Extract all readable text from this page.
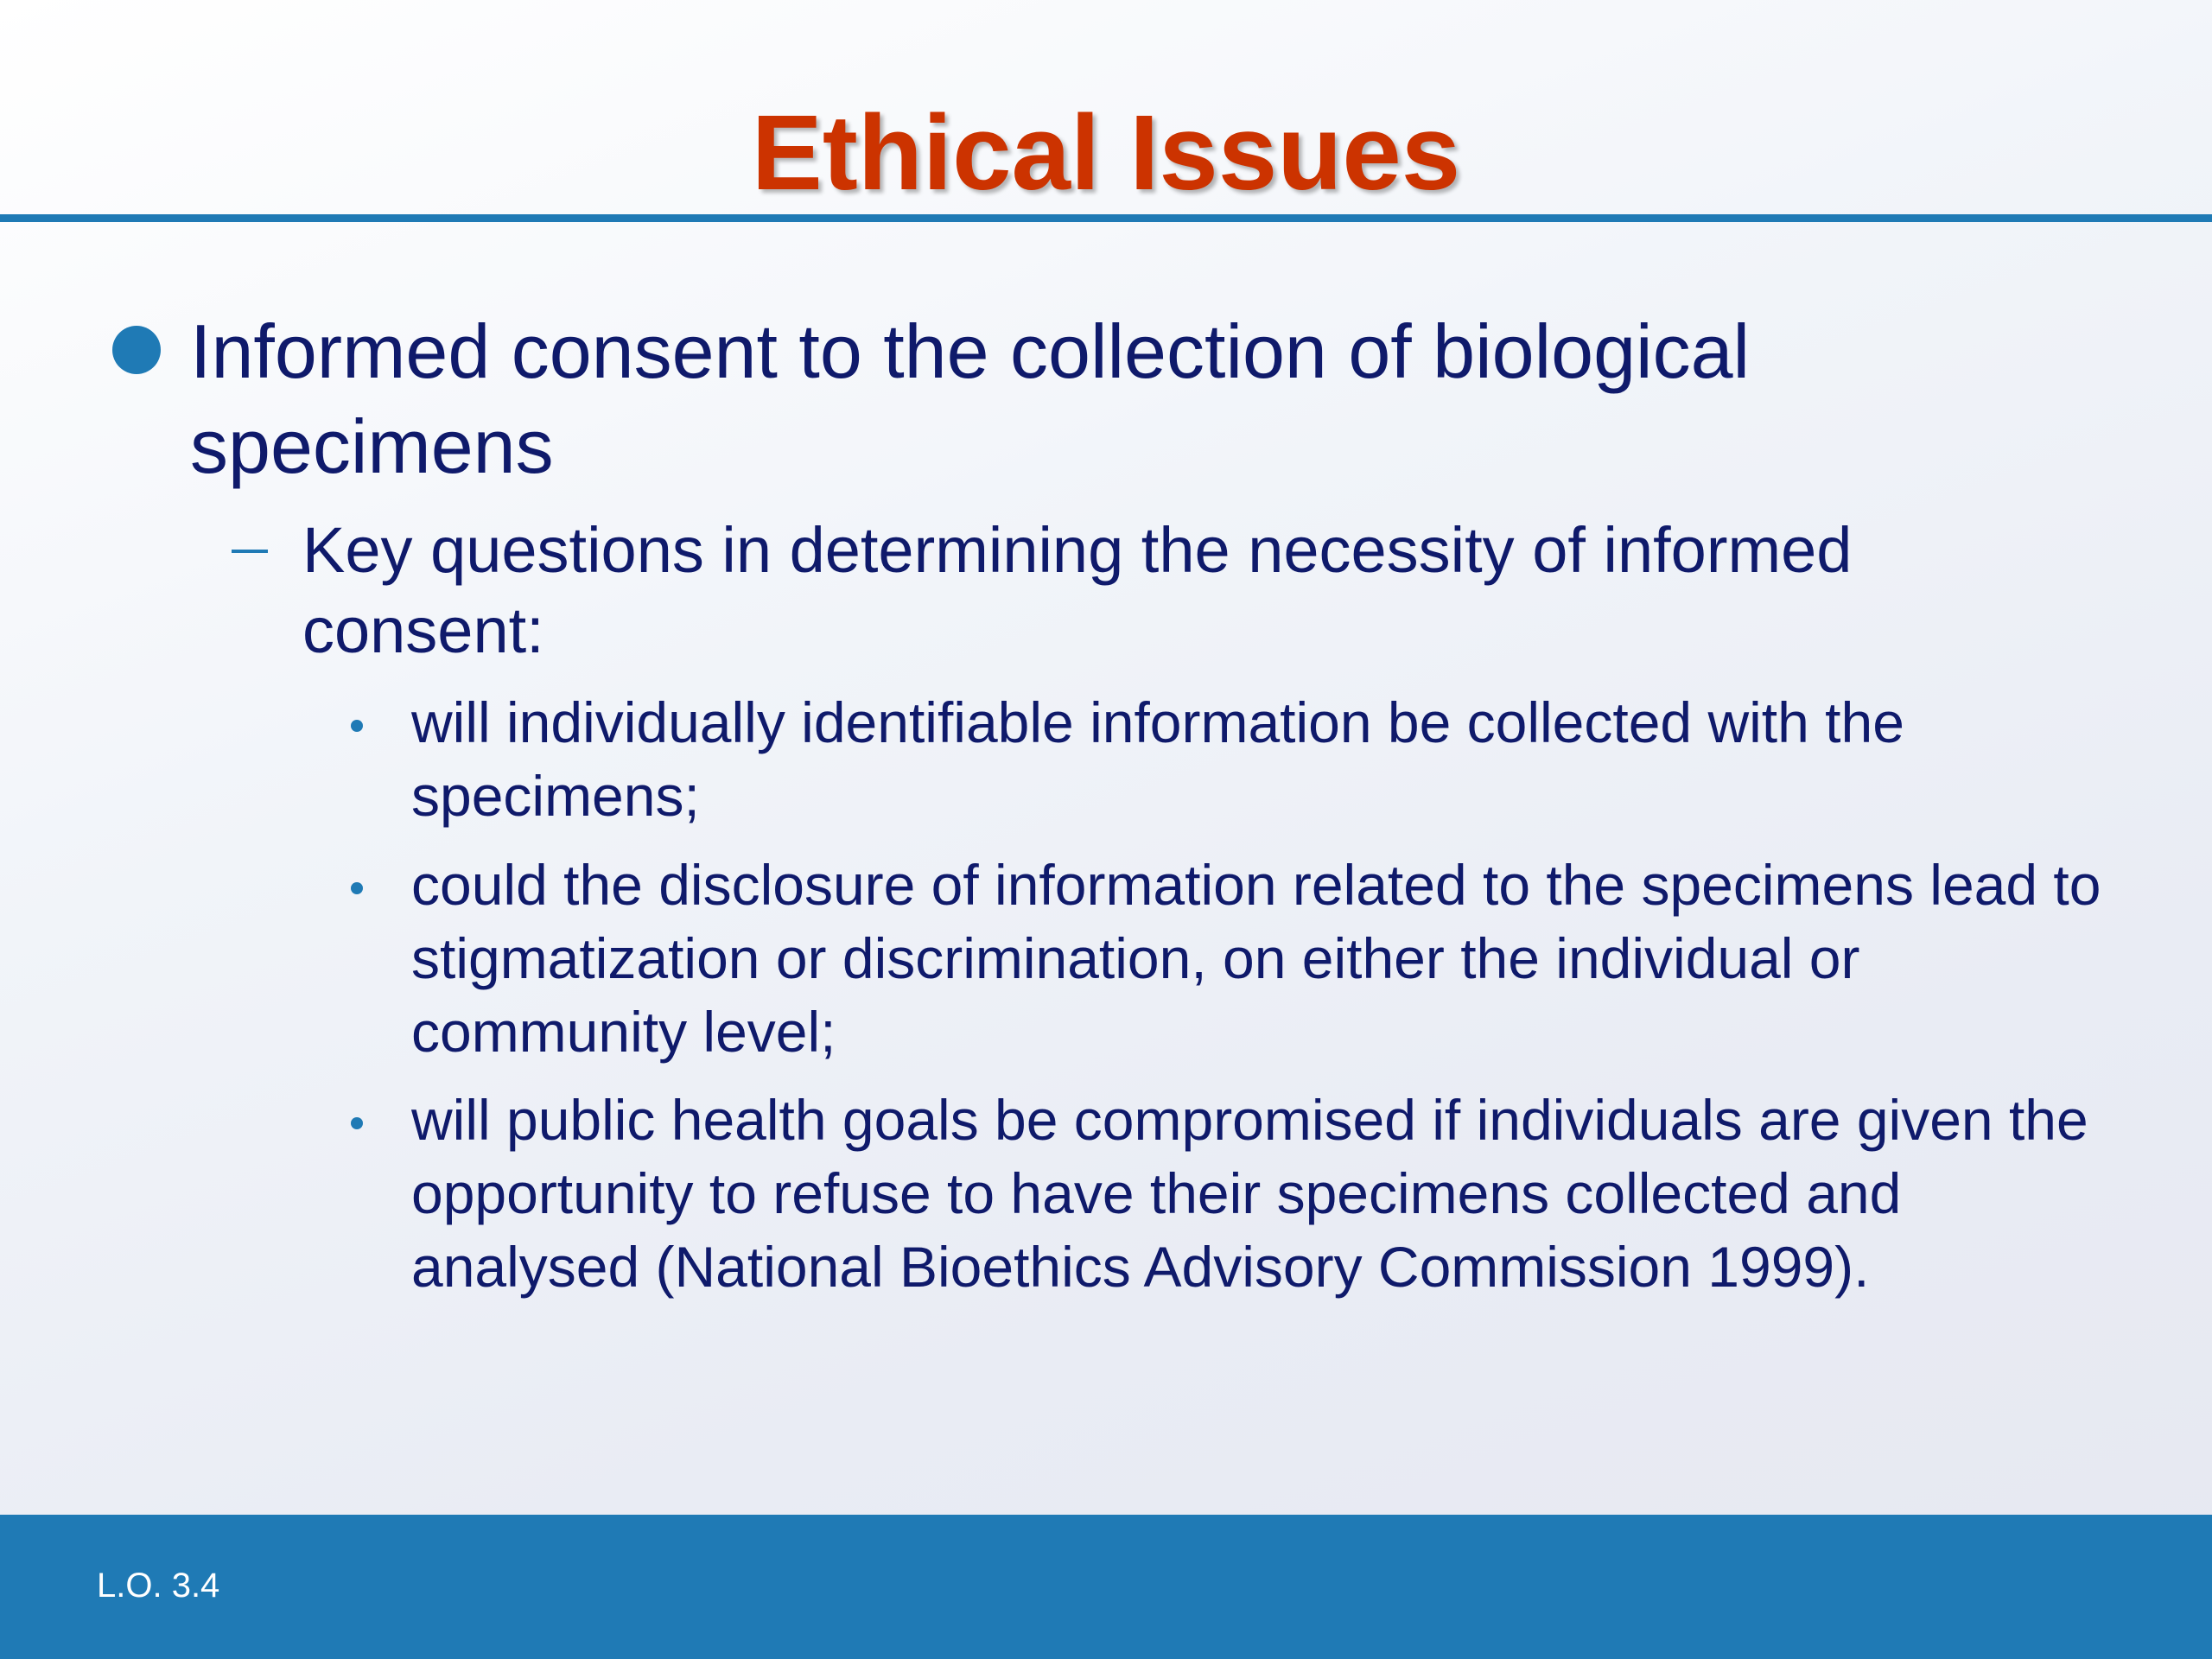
Ethical Issues
Informed consent to the collection of biological specimens
Key questions in determining the necessity of informed consent:
will individually identifiable information be collected with the specimens;
could the disclosure of information related to the specimens lead to stigmatization or discrimination, on either the individual or community level;
will public health goals be compromised if individuals are given the opportunity to refuse to have their specimens collected and analysed (National Bioethics Advisory Commission 1999).
L.O. 3.4
